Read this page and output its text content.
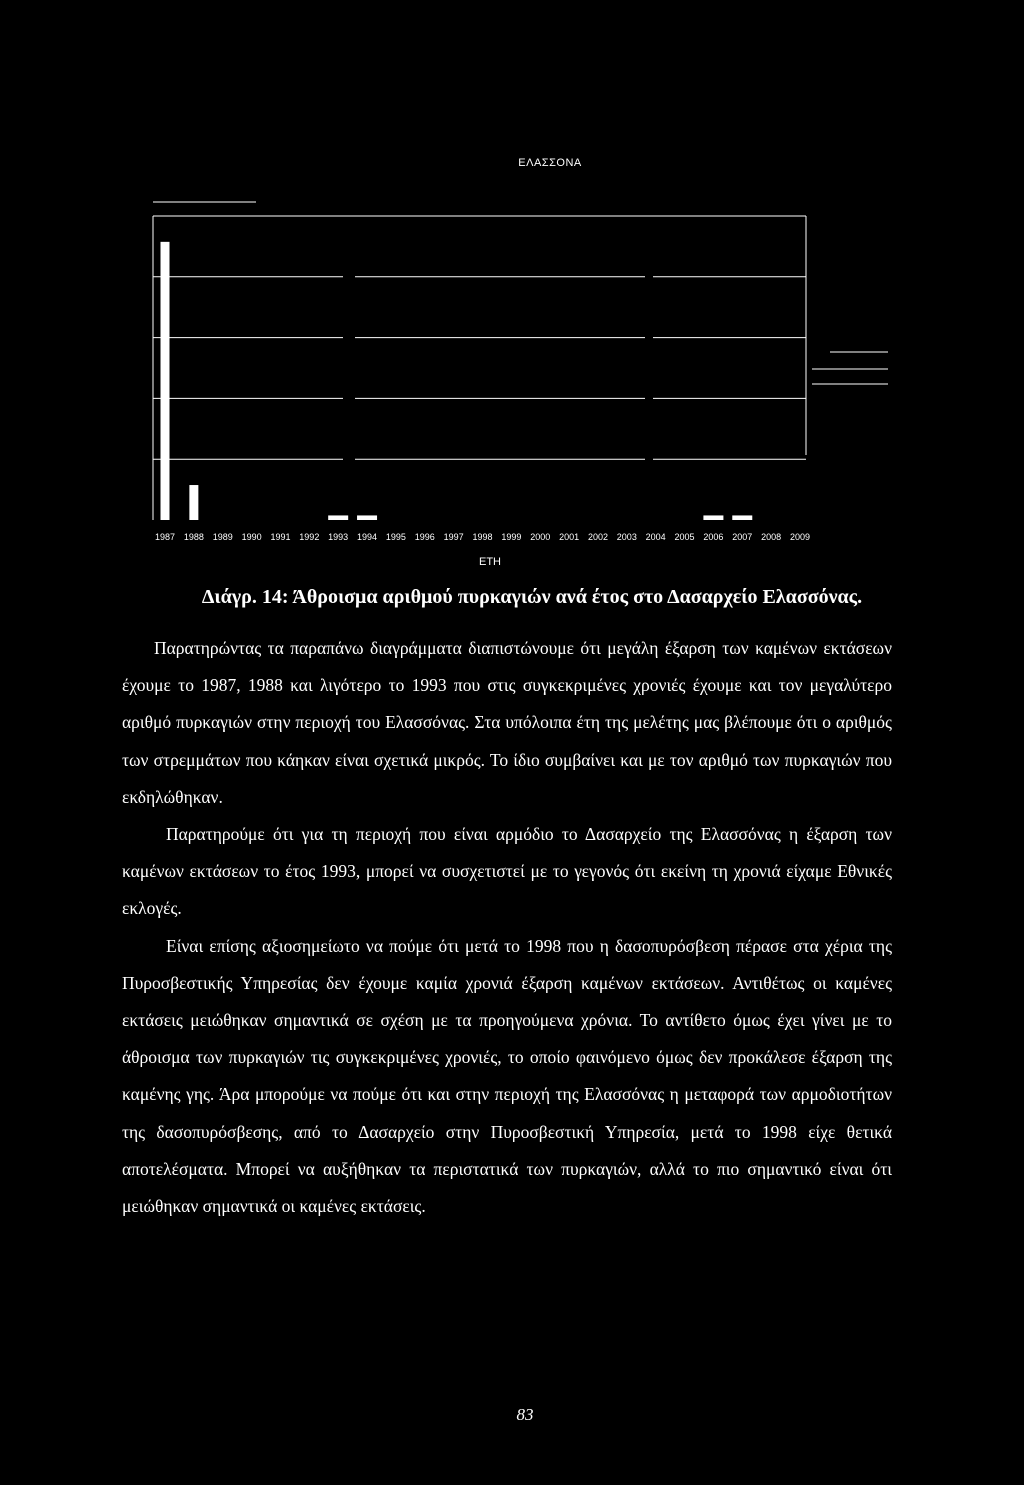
ΕΛΑΣΣΟΝΑ
1987 1988 1989 1990 1991 1992 1993 1994 1995 1996 1997 1998 1999 2000 2001 2002 2003 2004 2005 2006 2007 2008 2009
ΕΤΗ
Διάγρ. 14: Άθροισμα αριθμού πυρκαγιών ανά έτος στο Δασαρχείο Ελασσόνας.

Παρατηρώντας τα παραπάνω διαγράμματα διαπιστώνουμε ότι μεγάλη έξαρση των καμένων εκτάσεων έχουμε το 1987, 1988 και λιγότερο το 1993 που στις συγκεκριμένες χρονιές έχουμε και τον μεγαλύτερο αριθμό πυρκαγιών στην περιοχή του Ελασσόνας. Στα υπόλοιπα έτη της μελέτης μας βλέπουμε ότι ο αριθμός των στρεμμάτων που κάηκαν είναι σχετικά μικρός. Το ίδιο συμβαίνει και με τον αριθμό των πυρκαγιών που εκδηλώθηκαν.

Παρατηρούμε ότι για τη περιοχή που είναι αρμόδιο το Δασαρχείο της Ελασσόνας η έξαρση των καμένων εκτάσεων το έτος 1993, μπορεί να συσχετιστεί με το γεγονός ότι εκείνη τη χρονιά είχαμε Εθνικές εκλογές.

Είναι επίσης αξιοσημείωτο να πούμε ότι μετά το 1998 που η δασοπυρόσβεση πέρασε στα χέρια της Πυροσβεστικής Υπηρεσίας δεν έχουμε καμία χρονιά έξαρση καμένων εκτάσεων. Αντιθέτως οι καμένες εκτάσεις μειώθηκαν σημαντικά σε σχέση με τα προηγούμενα χρόνια. Το αντίθετο όμως έχει γίνει με το άθροισμα των πυρκαγιών τις συγκεκριμένες χρονιές, το οποίο φαινόμενο όμως δεν προκάλεσε έξαρση της καμένης γης. Άρα μπορούμε να πούμε ότι και στην περιοχή της Ελασσόνας η μεταφορά των αρμοδιοτήτων της δασοπυρόσβεσης, από το Δασαρχείο στην Πυροσβεστική Υπηρεσία, μετά το 1998 είχε θετικά αποτελέσματα. Μπορεί να αυξήθηκαν τα περιστατικά των πυρκαγιών, αλλά το πιο σημαντικό είναι ότι μειώθηκαν σημαντικά οι καμένες εκτάσεις.

83
